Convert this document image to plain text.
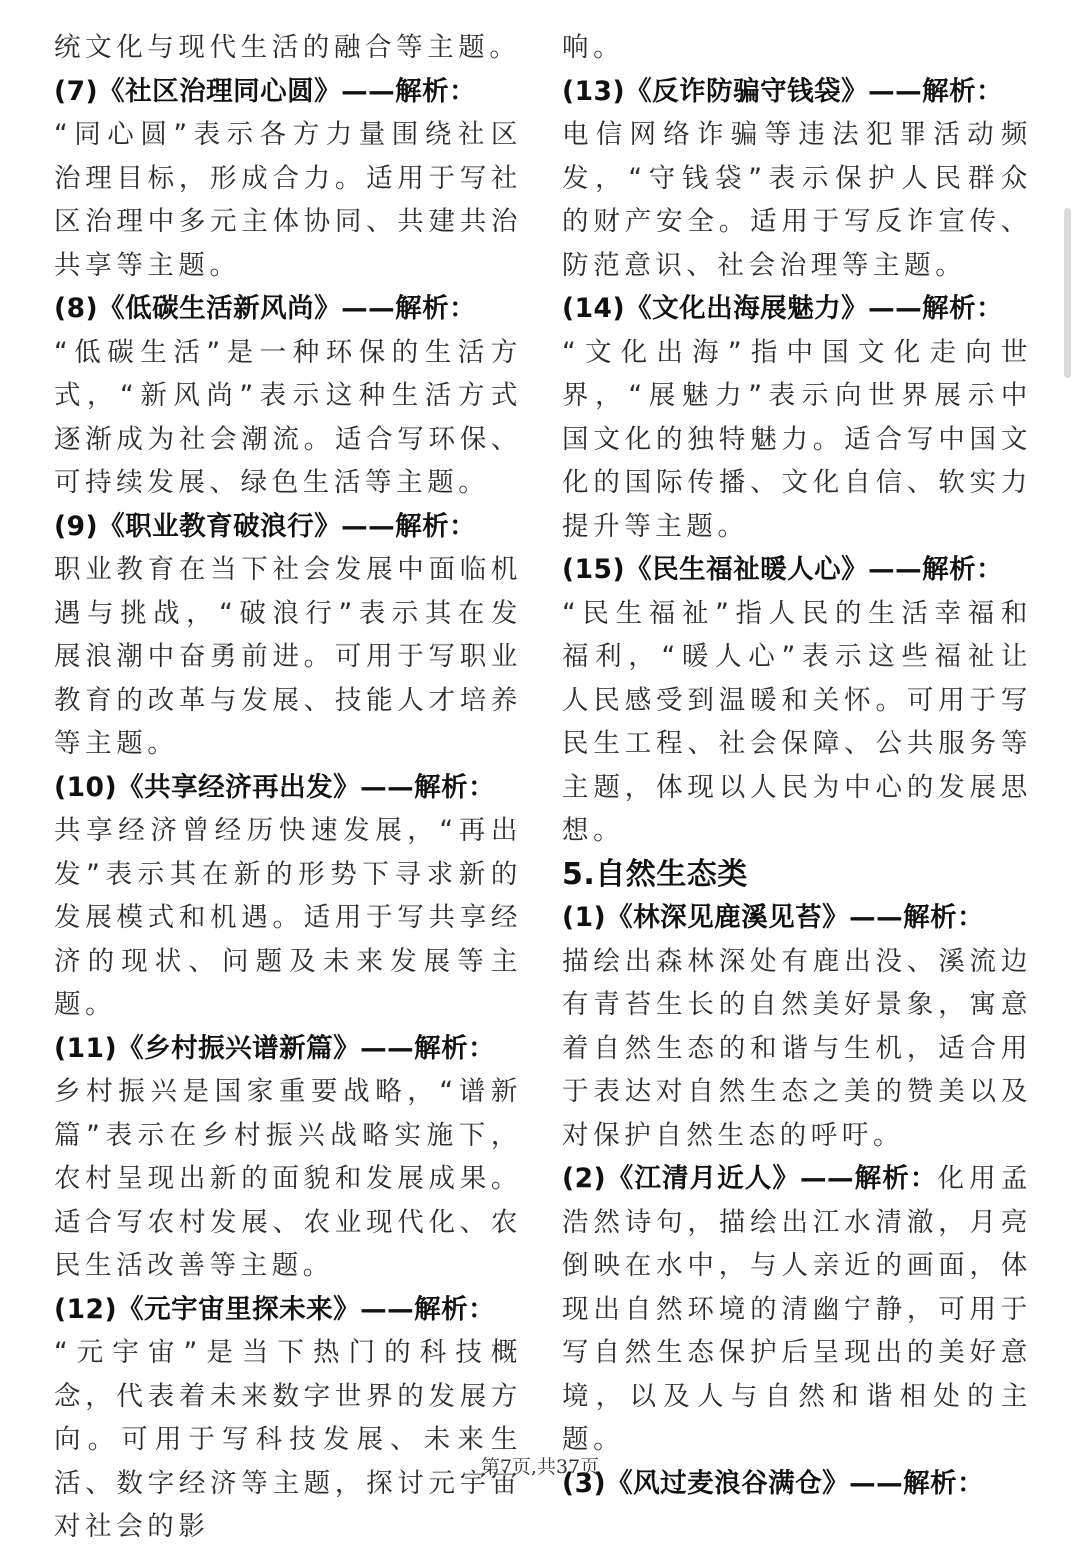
统文化与现代生活的融合等主题。

(7)《社区治理同心圆》——解析：

“同心圆”表示各方力量围绕社区治理目标，形成合力。适用于写社区治理中多元主体协同、共建共治共享等主题。

(8)《低碳生活新风尚》——解析：

“低碳生活”是一种环保的生活方式，“新风尚”表示这种生活方式逐渐成为社会潮流。适合写环保、可持续发展、绿色生活等主题。

(9)《职业教育破浪行》——解析：

职业教育在当下社会发展中面临机遇与挑战，“破浪行”表示其在发展浪潮中奋勇前进。可用于写职业教育的改革与发展、技能人才培养等主题。

(10)《共享经济再出发》——解析：

共享经济曾经历快速发展，“再出发”表示其在新的形势下寻求新的发展模式和机遇。适用于写共享经济的现状、问题及未来发展等主题。

(11)《乡村振兴谱新篇》——解析：

乡村振兴是国家重要战略，“谱新篇”表示在乡村振兴战略实施下，农村呈现出新的面貌和发展成果。适合写农村发展、农业现代化、农民生活改善等主题。

(12)《元宇宙里探未来》——解析：

“元宇宙”是当下热门的科技概念，代表着未来数字世界的发展方向。可用于写科技发展、未来生活、数字经济等主题，探讨元宇宙对社会的影

响。

(13)《反诈防骗守钱袋》——解析：

电信网络诈骗等违法犯罪活动频发，“守钱袋”表示保护人民群众的财产安全。适用于写反诈宣传、防范意识、社会治理等主题。

(14)《文化出海展魅力》——解析：

“文化出海”指中国文化走向世界，“展魅力”表示向世界展示中国文化的独特魅力。适合写中国文化的国际传播、文化自信、软实力提升等主题。

(15)《民生福祉暖人心》——解析：

“民生福祉”指人民的生活幸福和福利，“暖人心”表示这些福祉让人民感受到温暖和关怀。可用于写民生工程、社会保障、公共服务等主题，体现以人民为中心的发展思想。

5.自然生态类

(1)《林深见鹿溪见苔》——解析：

描绘出森林深处有鹿出没、溪流边有青苔生长的自然美好景象，寓意着自然生态的和谐与生机，适合用于表达对自然生态之美的赞美以及对保护自然生态的呼吁。

(2)《江清月近人》——解析：化用孟浩然诗句，描绘出江水清澈，月亮倒映在水中，与人亲近的画面，体现出自然环境的清幽宁静，可用于写自然生态保护后呈现出的美好意境，以及人与自然和谐相处的主题。

(3)《风过麦浪谷满仓》——解析：

第7页,共37页
